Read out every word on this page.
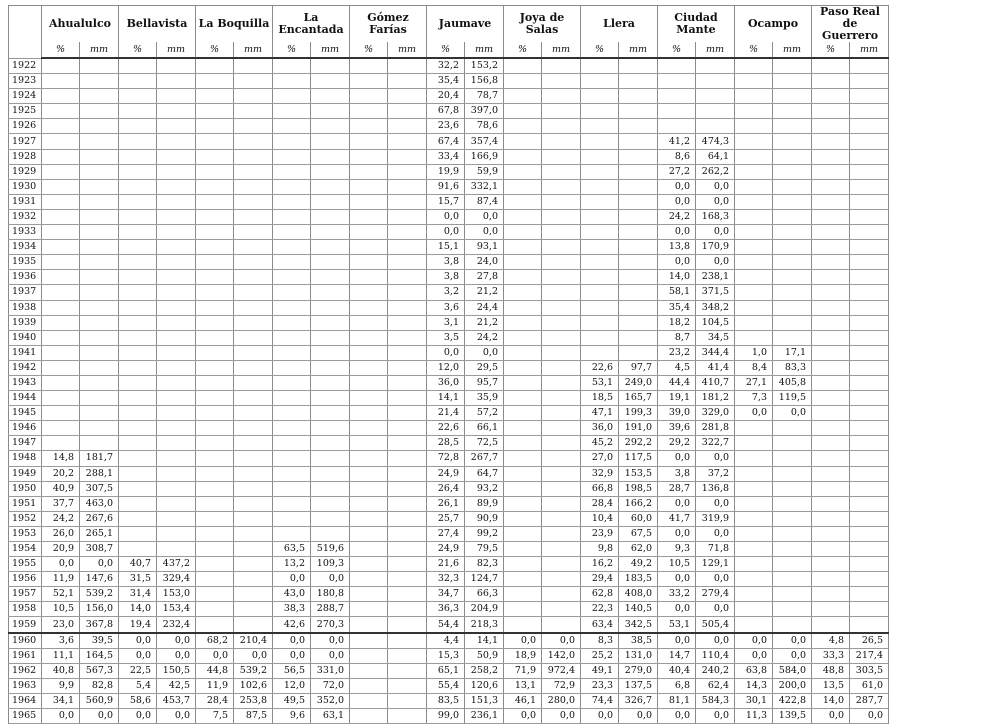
	Ahualulco		Bellavista		La Boquilla		La Encantada		Gómez Farías		Jaumave		Joya de Salas		Llera		Ciudad Mante		Ocampo		Paso Real de Guerrero	
	%	mm	%	mm	%	mm	%	mm	%	mm	%	mm	%	mm	%	mm	%	mm	%	mm	%	mm
1922											32,2	153,2										
1923											35,4	156,8										
1924											20,4	78,7										
1925											67,8	397,0										
1926											23,6	78,6										
1927											67,4	357,4					41,2	474,3				
1928											33,4	166,9					8,6	64,1				
1929											19,9	59,9					27,2	262,2				
1930											91,6	332,1					0,0	0,0				
1931											15,7	87,4					0,0	0,0				
1932											0,0	0,0					24,2	168,3				
1933											0,0	0,0					0,0	0,0				
1934											15,1	93,1					13,8	170,9				
1935											3,8	24,0					0,0	0,0				
1936											3,8	27,8					14,0	238,1				
1937											3,2	21,2					58,1	371,5				
1938											3,6	24,4					35,4	348,2				
1939											3,1	21,2					18,2	104,5				
1940											3,5	24,2					8,7	34,5				
1941											0,0	0,0					23,2	344,4	1,0	17,1		
1942											12,0	29,5			22,6	97,7	4,5	41,4	8,4	83,3		
1943											36,0	95,7			53,1	249,0	44,4	410,7	27,1	405,8		
1944											14,1	35,9			18,5	165,7	19,1	181,2	7,3	119,5		
1945											21,4	57,2			47,1	199,3	39,0	329,0	0,0	0,0		
1946											22,6	66,1			36,0	191,0	39,6	281,8				
1947											28,5	72,5			45,2	292,2	29,2	322,7				
1948	14,8	181,7									72,8	267,7			27,0	117,5	0,0	0,0				
1949	20,2	288,1									24,9	64,7			32,9	153,5	3,8	37,2				
1950	40,9	307,5									26,4	93,2			66,8	198,5	28,7	136,8				
1951	37,7	463,0									26,1	89,9			28,4	166,2	0,0	0,0				
1952	24,2	267,6									25,7	90,9			10,4	60,0	41,7	319,9				
1953	26,0	265,1									27,4	99,2			23,9	67,5	0,0	0,0				
1954	20,9	308,7					63,5	519,6			24,9	79,5			9,8	62,0	9,3	71,8				
1955	0,0	0,0	40,7	437,2			13,2	109,3			21,6	82,3			16,2	49,2	10,5	129,1				
1956	11,9	147,6	31,5	329,4			0,0	0,0			32,3	124,7			29,4	183,5	0,0	0,0				
1957	52,1	539,2	31,4	153,0			43,0	180,8			34,7	66,3			62,8	408,0	33,2	279,4				
1958	10,5	156,0	14,0	153,4			38,3	288,7			36,3	204,9			22,3	140,5	0,0	0,0				
1959	23,0	367,8	19,4	232,4			42,6	270,3			54,4	218,3			63,4	342,5	53,1	505,4				
1960	3,6	39,5	0,0	0,0	68,2	210,4	0,0	0,0			4,4	14,1	0,0	0,0	8,3	38,5	0,0	0,0	0,0	0,0	4,8	26,5
1961	11,1	164,5	0,0	0,0	0,0	0,0	0,0	0,0			15,3	50,9	18,9	142,0	25,2	131,0	14,7	110,4	0,0	0,0	33,3	217,4
1962	40,8	567,3	22,5	150,5	44,8	539,2	56,5	331,0			65,1	258,2	71,9	972,4	49,1	279,0	40,4	240,2	63,8	584,0	48,8	303,5
1963	9,9	82,8	5,4	42,5	11,9	102,6	12,0	72,0			55,4	120,6	13,1	72,9	23,3	137,5	6,8	62,4	14,3	200,0	13,5	61,0
1964	34,1	560,9	58,6	453,7	28,4	253,8	49,5	352,0			83,5	151,3	46,1	280,0	74,4	326,7	81,1	584,3	30,1	422,8	14,0	287,7
1965	0,0	0,0	0,0	0,0	7,5	87,5	9,6	63,1			99,0	236,1	0,0	0,0	0,0	0,0	0,0	0,0	11,3	139,5	0,0	0,0
